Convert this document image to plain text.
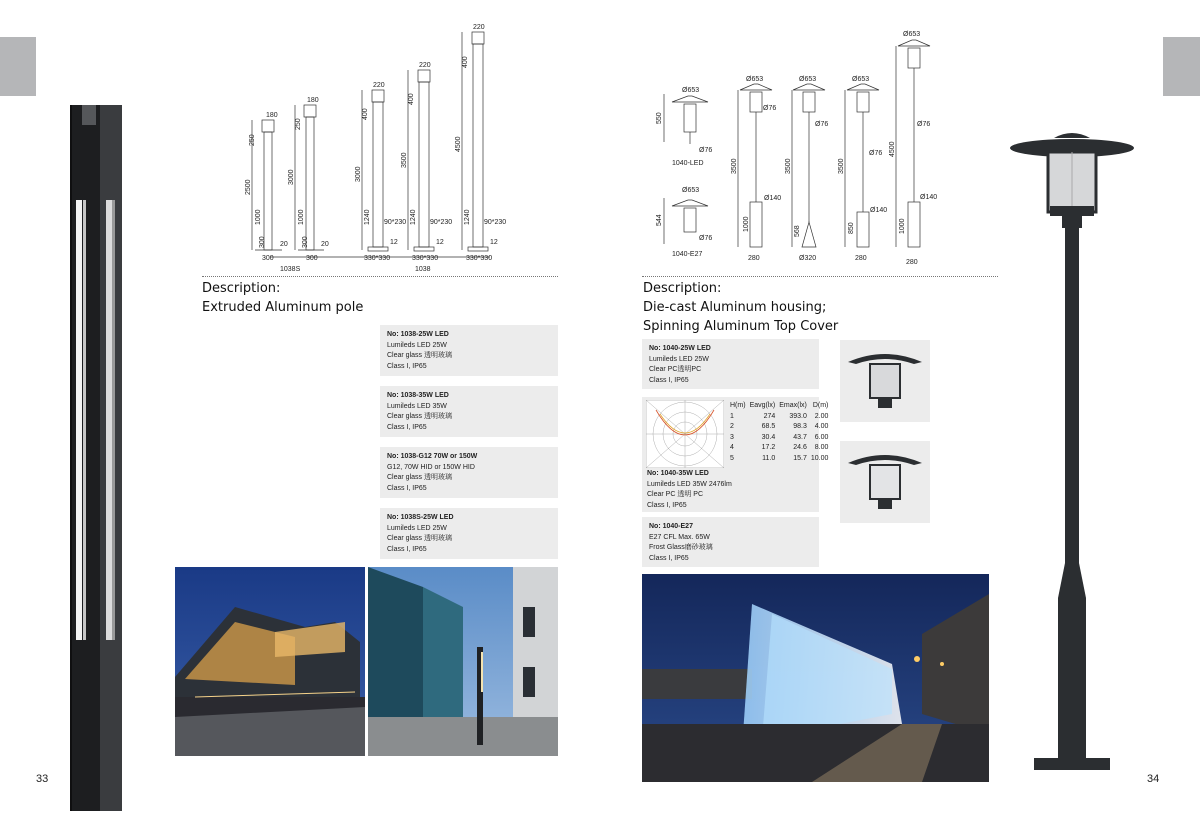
33
180
250
2500
1000
300
300
20
180
250
3000
1000
300
300
20
220
400
3000
1240 90*230
330*330
12
220
400
3500
1240 90*230
330*330
12
220
400
4500
1240 90*230
330*330
12
1038S	1038
Description:
Extruded Aluminum pole
No: 1038-25W LED
Lumileds LED 25W
Clear glass 透明玻璃
Class I, IP65
No: 1038-35W LED
Lumileds LED 35W
Clear glass 透明玻璃
Class I, IP65
No: 1038-G12 70W or 150W
G12, 70W HID or 150W HID
Clear glass 透明玻璃
Class I, IP65
No: 1038S-25W LED
Lumileds LED 25W
Clear glass 透明玻璃
Class I, IP65
34
Ø653
550
Ø76
1040-LED
Ø653
544
Ø76
1040-E27
Ø653
Ø76
3500
Ø140
1000
280
Ø653
Ø76
3500
568
Ø320
Ø653
Ø76
3500
Ø140
850
280
Ø653
Ø76
4500
Ø140
1000
280
Description:
Die-cast Aluminum housing;
Spinning Aluminum Top Cover
No: 1040-25W LED
Lumileds LED 25W
Clear PC透明PC
Class I, IP65
H(m)	Eavg(lx)	Emax(lx)	D(m)
1	274	393.0	2.00
2	68.5	98.3	4.00
3	30.4	43.7	6.00
4	17.2	24.6	8.00
5	11.0	15.7	10.00
No: 1040-35W LED
Lumileds LED 35W 2476lm
Clear PC 透明 PC
Class I, IP65
No: 1040-E27
E27 CFL Max. 65W
Frost Glass磨砂玻璃
Class I, IP65
